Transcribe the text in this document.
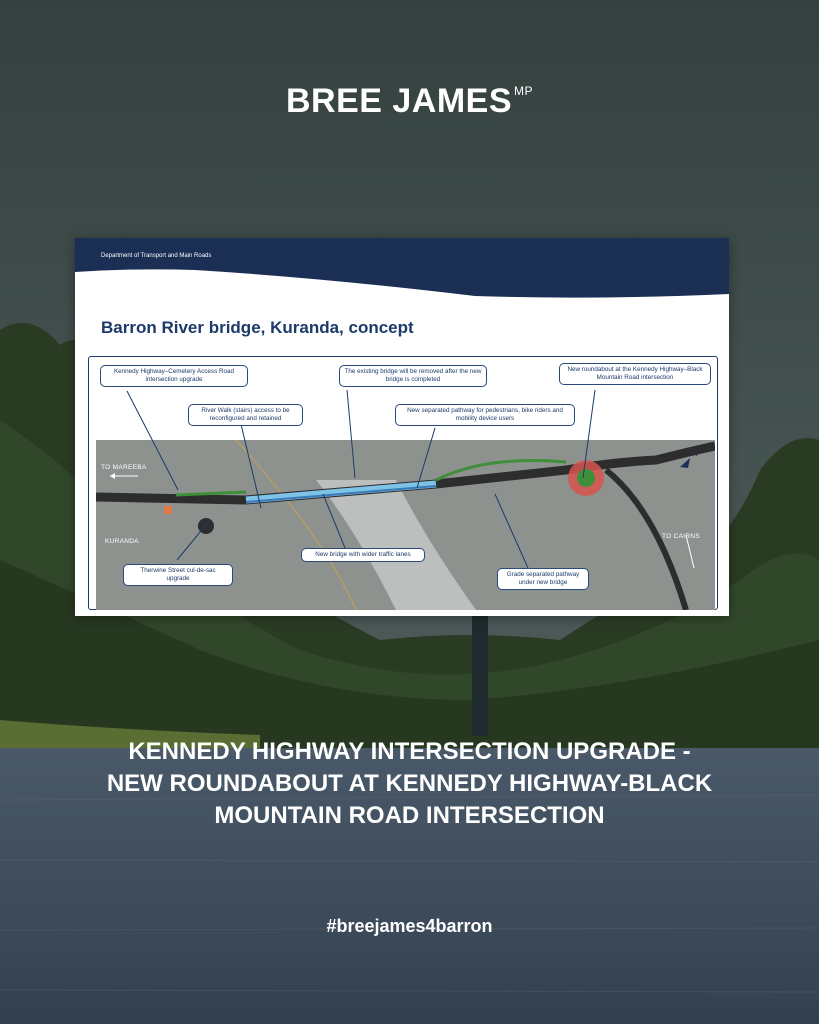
BREE JAMES $^{MP}$
Department of Transport and Main Roads
Barron River bridge, Kuranda, concept
TO MAREEBA
KURANDA
TO CAIRNS
N
Kennedy Highway–Cemetery Access Road intersection upgrade
River Walk (stairs) access to be reconfigured and retained
The existing bridge will be removed after the new bridge is completed
New separated pathway for pedestrians, bike riders and mobility device users
New roundabout at the Kennedy Highway–Black Mountain Road intersection
Therwine Street cul-de-sac upgrade
New bridge with wider traffic lanes
Grade separated pathway under new bridge
KENNEDY HIGHWAY INTERSECTION UPGRADE -
NEW ROUNDABOUT AT KENNEDY HIGHWAY-BLACK
MOUNTAIN ROAD INTERSECTION
#breejames4barron
